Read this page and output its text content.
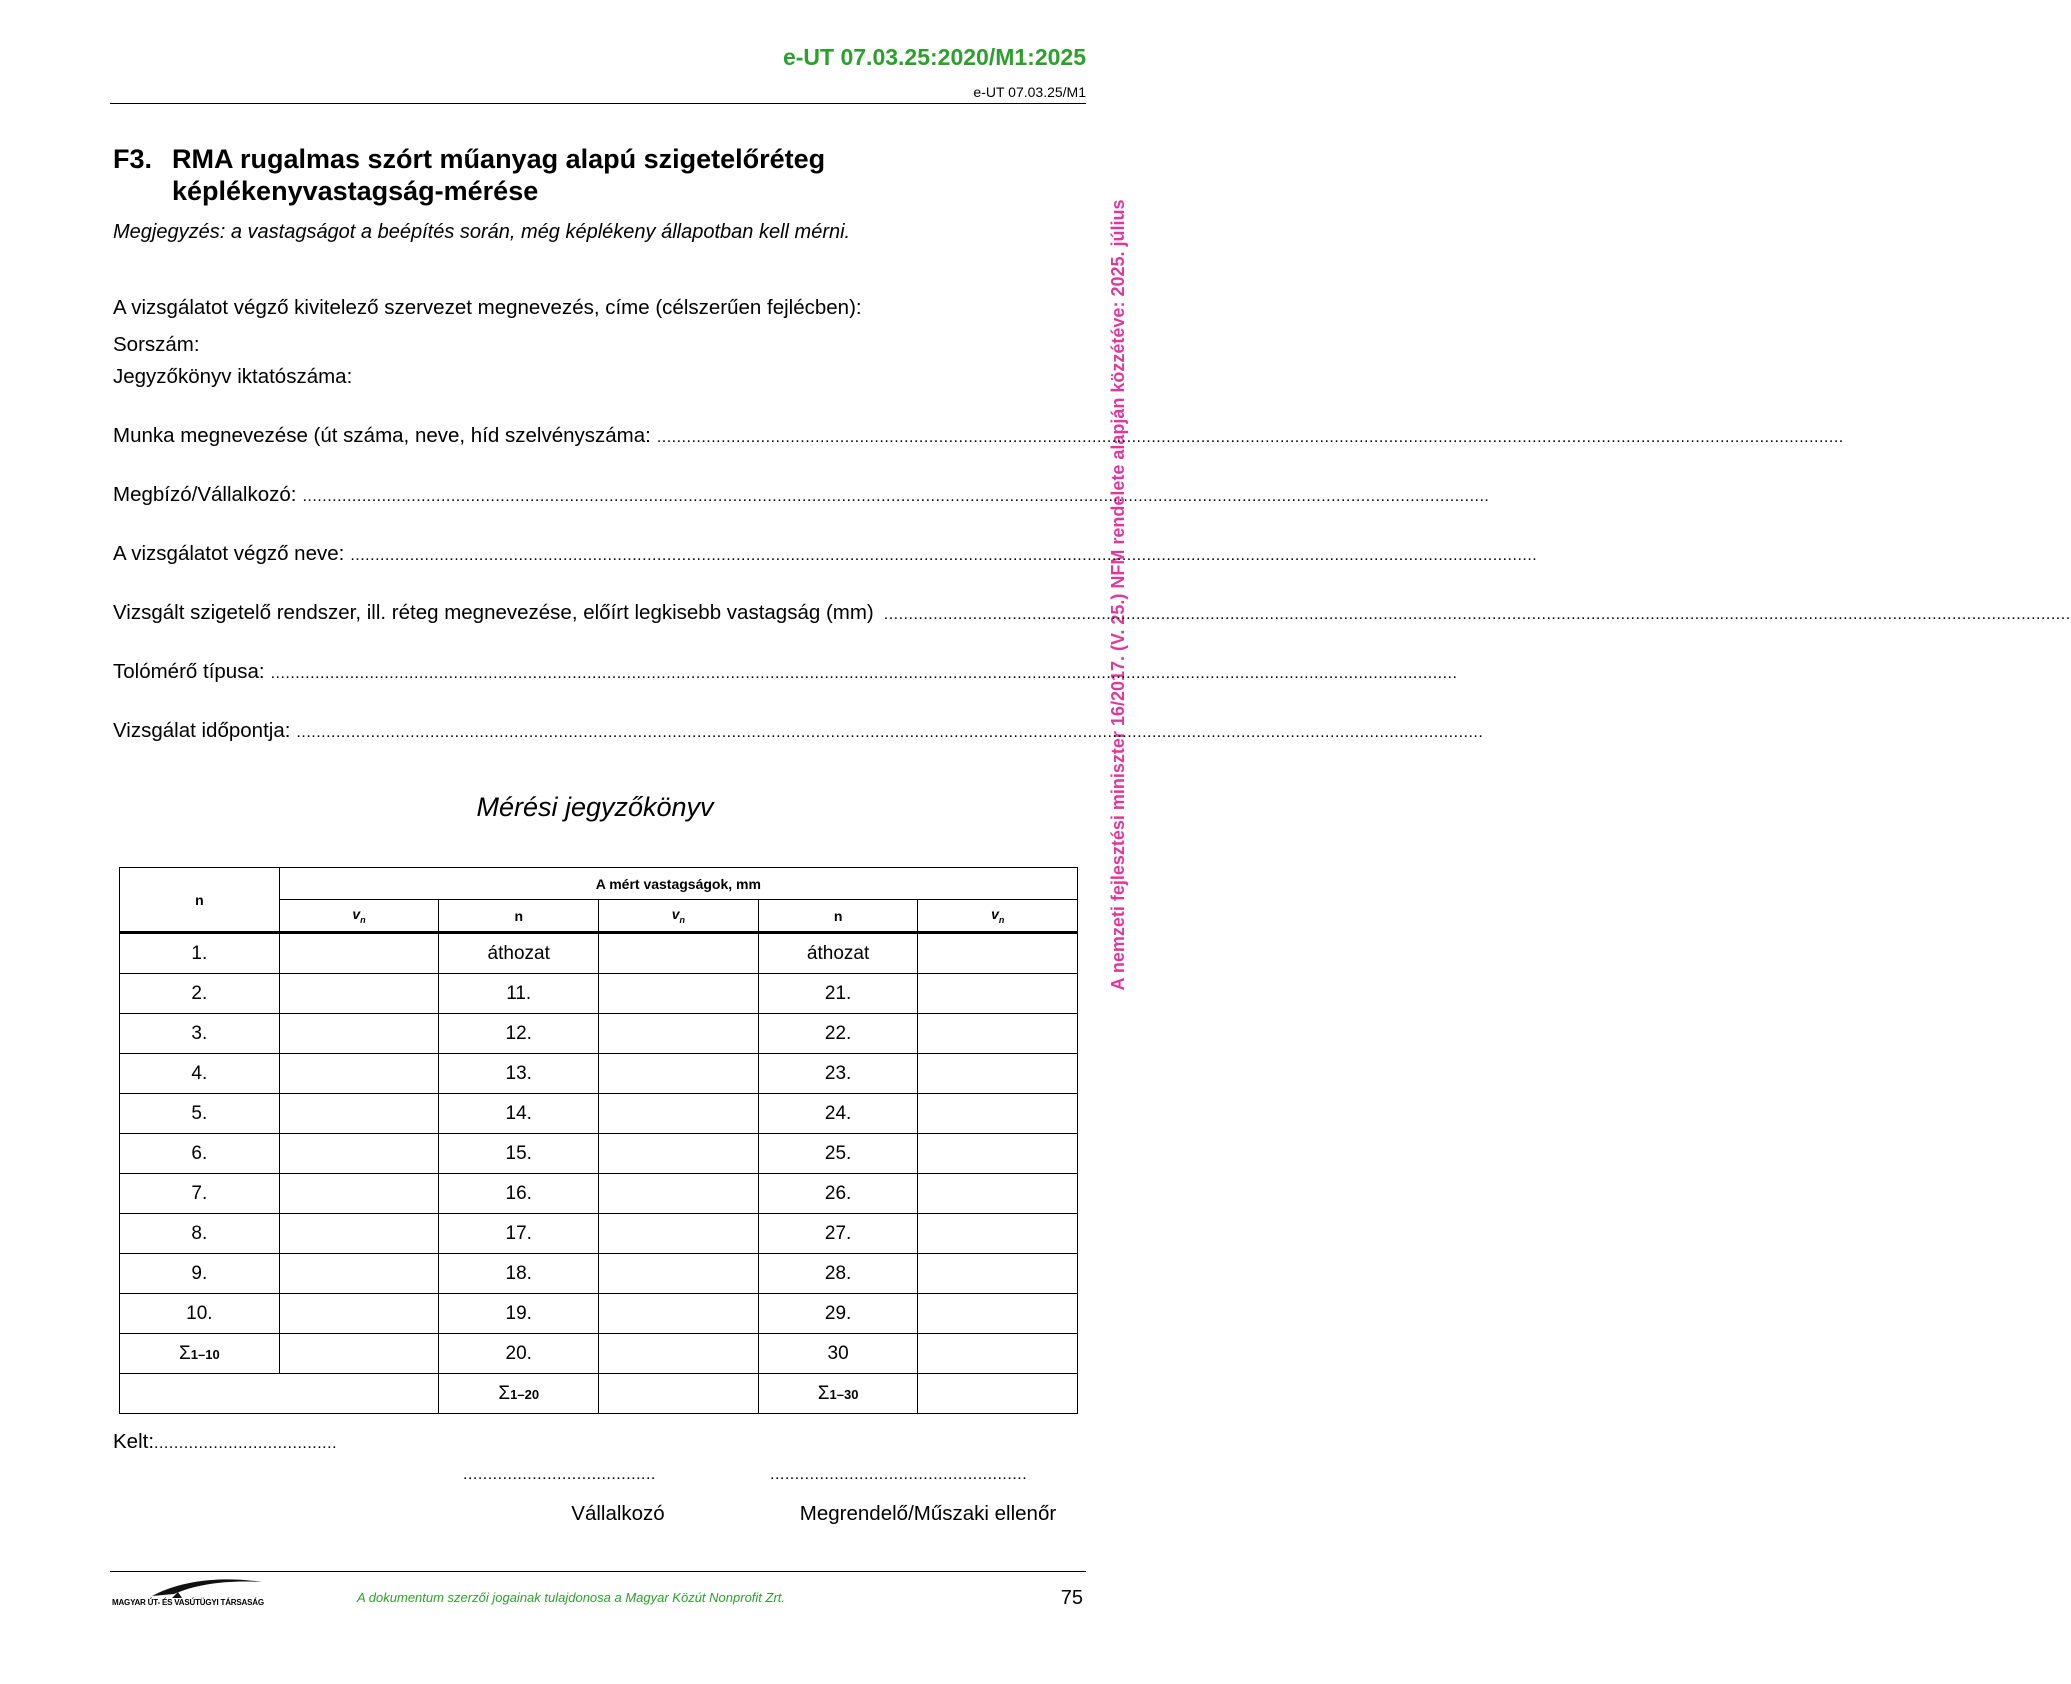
e-UT 07.03.25:2020/M1:2025
e-UT 07.03.25/M1
A nemzeti fejlesztési miniszter 16/2017. (V. 25.) NFM rendelete alapján közzétéve: 2025. július
F3. RMA rugalmas szórt műanyag alapú szigetelőréteg
képlékenyvastagság-mérése
Megjegyzés: a vastagságot a beépítés során, még képlékeny állapotban kell mérni.
A vizsgálatot végző kivitelező szervezet megnevezés, címe (célszerűen fejlécben):
Sorszám:
Jegyzőkönyv iktatószáma:
Munka megnevezése (út száma, neve, híd szelvényszáma: ................................................................................................................................................................................................................................................
Megbízó/Vállalkozó: ................................................................................................................................................................................................................................................
A vizsgálatot végző neve: ................................................................................................................................................................................................................................................
Vizsgált szigetelő rendszer, ill. réteg megnevezése, előírt legkisebb vastagság (mm) ................................................................................................................................................................................................................................................
Tolómérő típusa: ................................................................................................................................................................................................................................................
Vizsgálat időpontja: ................................................................................................................................................................................................................................................
Mérési jegyzőkönyv
n	A mért vastagságok, mm				
	$v_n$	n	$v_n$	n	$v_n$
1.		áthozat		áthozat	
2.		11.		21.	
3.		12.		22.	
4.		13.		23.	
5.		14.		24.	
6.		15.		25.	
7.		16.		26.	
8.		17.		27.	
9.		18.		28.	
10.		19.		29.	
Σ1–10		20.		30	
		Σ1–20		Σ1–30	
Kelt:.....................................
.......................................	....................................................
Vállalkozó	Megrendelő/Műszaki ellenőr
MAGYAR ÚT- ÉS VASÚTÜGYI TÁRSASÁG	A dokumentum szerzői jogainak tulajdonosa a Magyar Közút Nonprofit Zrt.	75
